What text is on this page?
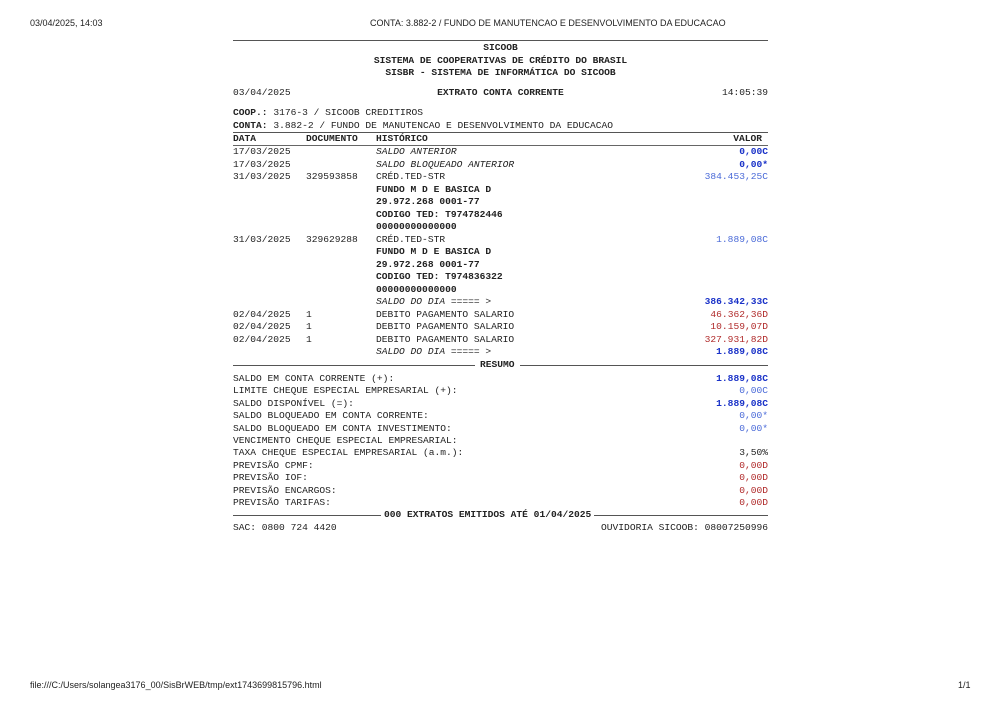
03/04/2025, 14:03	CONTA: 3.882-2 / FUNDO DE MANUTENCAO E DESENVOLVIMENTO DA EDUCACAO
SICOOB
SISTEMA DE COOPERATIVAS DE CRÉDITO DO BRASIL
SISBR - SISTEMA DE INFORMÁTICA DO SICOOB
03/04/2025	EXTRATO CONTA CORRENTE	14:05:39
COOP.: 3176-3 / SICOOB CREDITIROS
CONTA: 3.882-2 / FUNDO DE MANUTENCAO E DESENVOLVIMENTO DA EDUCACAO
DATA	DOCUMENTO HISTÓRICO	VALOR
17/03/2025	SALDO ANTERIOR	0,00C
17/03/2025	SALDO BLOQUEADO ANTERIOR	0,00*
31/03/2025 329593858 CRÉD.TED-STR	384.453,25C
FUNDO M D E BASICA D
29.972.268 0001-77
CODIGO TED: T974782446
00000000000000
31/03/2025 329629288 CRÉD.TED-STR	1.889,08C
FUNDO M D E BASICA D
29.972.268 0001-77
CODIGO TED: T974836322
00000000000000
SALDO DO DIA ===== >	386.342,33C
02/04/2025 1	DEBITO PAGAMENTO SALARIO	46.362,36D
02/04/2025 1	DEBITO PAGAMENTO SALARIO	10.159,07D
02/04/2025 1	DEBITO PAGAMENTO SALARIO	327.931,82D
SALDO DO DIA ===== >	1.889,08C
RESUMO
SALDO EM CONTA CORRENTE (+):	1.889,08C
LIMITE CHEQUE ESPECIAL EMPRESARIAL (+):	0,00C
SALDO DISPONÍVEL (=):	1.889,08C
SALDO BLOQUEADO EM CONTA CORRENTE:	0,00*
SALDO BLOQUEADO EM CONTA INVESTIMENTO:	0,00*
VENCIMENTO CHEQUE ESPECIAL EMPRESARIAL:
TAXA CHEQUE ESPECIAL EMPRESARIAL (a.m.):	3,50%
PREVISÃO CPMF:	0,00D
PREVISÃO IOF:	0,00D
PREVISÃO ENCARGOS:	0,00D
PREVISÃO TARIFAS:	0,00D
000 EXTRATOS EMITIDOS ATÉ 01/04/2025
SAC: 0800 724 4420	OUVIDORIA SICOOB: 08007250996
file:///C:/Users/solangea3176_00/SisBrWEB/tmp/ext1743699815796.html	1/1
